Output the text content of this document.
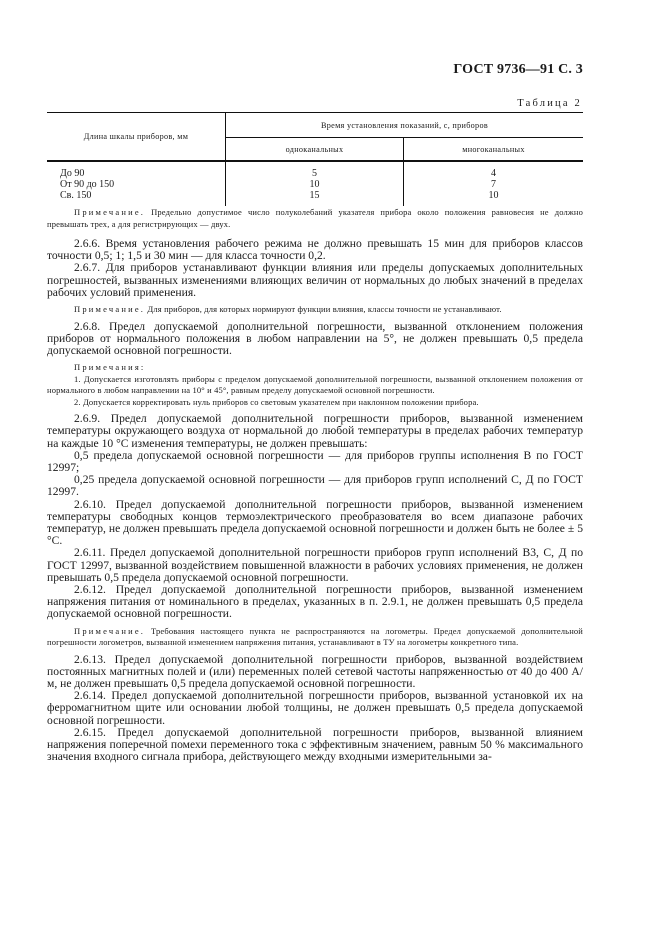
ГОСТ 9736—91 С. 3
Таблица 2
Длина шкалы приборов, мм	Время установления показаний, с, приборов	
	одноканальных	многоканальных
До 90	5	4
От 90 до 150	10	7
Св. 150	15	10

Примечание. Предельно допустимое число полуколебаний указателя прибора около положения равновесия не должно превышать трех, а для регистрирующих — двух.

2.6.6. Время установления рабочего режима не должно превышать 15 мин для приборов классов точности 0,5; 1; 1,5 и 30 мин — для класса точности 0,2.

2.6.7. Для приборов устанавливают функции влияния или пределы допускаемых дополнительных погрешностей, вызванных изменениями влияющих величин от нормальных до любых значений в пределах рабочих условий применения.

Примечание. Для приборов, для которых нормируют функции влияния, классы точности не устанавливают.

2.6.8. Предел допускаемой дополнительной погрешности, вызванной отклонением положения приборов от нормального положения в любом направлении на 5°, не должен превышать 0,5 предела допускаемой основной погрешности.

Примечания:

1. Допускается изготовлять приборы с пределом допускаемой дополнительной погрешности, вызванной отклонением положения от нормального в любом направлении на 10° и 45°, равным пределу допускаемой основной погрешности.

2. Допускается корректировать нуль приборов со световым указателем при наклонном положении прибора.

2.6.9. Предел допускаемой дополнительной погрешности приборов, вызванной изменением температуры окружающего воздуха от нормальной до любой температуры в пределах рабочих температур на каждые 10 °С изменения температуры, не должен превышать:

0,5 предела допускаемой основной погрешности — для приборов группы исполнения В по ГОСТ 12997;

0,25 предела допускаемой основной погрешности — для приборов групп исполнений С, Д по ГОСТ 12997.

2.6.10. Предел допускаемой дополнительной погрешности приборов, вызванной изменением температуры свободных концов термоэлектрического преобразователя во всем диапазоне рабочих температур, не должен превышать предела допускаемой основной погрешности и должен быть не более ± 5 °С.

2.6.11. Предел допускаемой дополнительной погрешности приборов групп исполнений В3, С, Д по ГОСТ 12997, вызванной воздействием повышенной влажности в рабочих условиях применения, не должен превышать 0,5 предела допускаемой основной погрешности.

2.6.12. Предел допускаемой дополнительной погрешности приборов, вызванной изменением напряжения питания от номинального в пределах, указанных в п. 2.9.1, не должен превышать 0,5 предела допускаемой основной погрешности.

Примечание. Требования настоящего пункта не распространяются на логометры. Предел допускаемой дополнительной погрешности логометров, вызванной изменением напряжения питания, устанавливают в ТУ на логометры конкретного типа.

2.6.13. Предел допускаемой дополнительной погрешности приборов, вызванной воздействием постоянных магнитных полей и (или) переменных полей сетевой частоты напряженностью от 40 до 400 А/м, не должен превышать 0,5 предела допускаемой основной погрешности.

2.6.14. Предел допускаемой дополнительной погрешности приборов, вызванной установкой их на ферромагнитном щите или основании любой толщины, не должен превышать 0,5 предела допускаемой основной погрешности.

2.6.15. Предел допускаемой дополнительной погрешности приборов, вызванной влиянием напряжения поперечной помехи переменного тока с эффективным значением, равным 50 % максимального значения входного сигнала прибора, действующего между входными измерительными за-
